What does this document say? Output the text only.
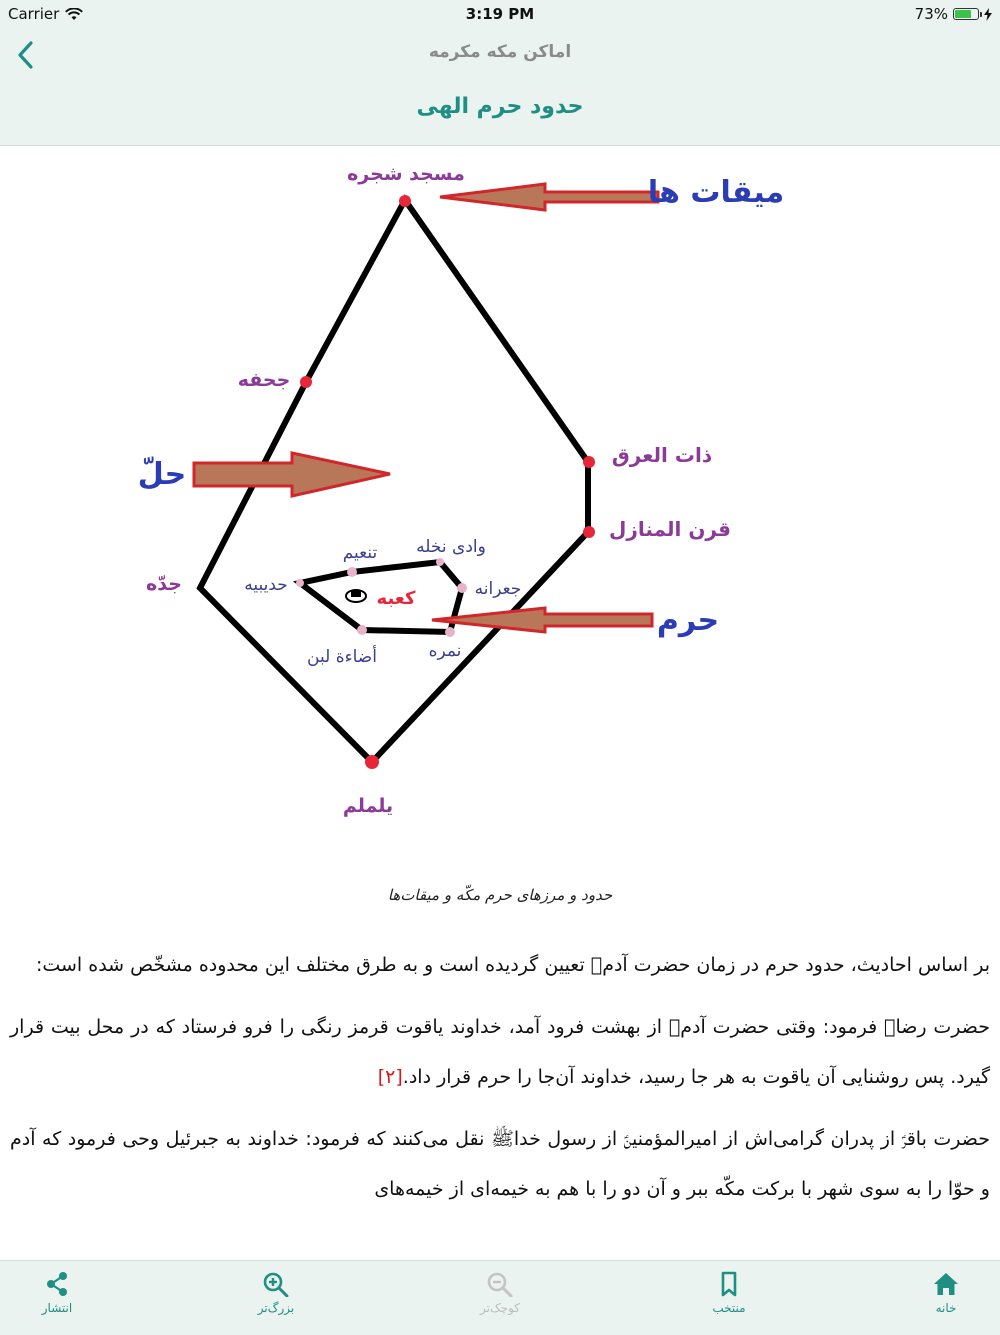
Carrier	3:19 PM	73%
اماکن مکه مکرمه
حدود حرم الهی
مسجد شجره
میقات ها
جحفه
حلّ
ذات العرق
قرن المنازل
جدّه
کعبه
حرم
یلملم
وادی نخله
تنعیم
حدیبیه	جعرانه
أضاءة لبن	نمره
حدود و مرزهای حرم مکّه و میقات‌ها

بر اساس احادیث، حدود حرم در زمان حضرت آدمؑ تعیین گردیده است و به طرق مختلف این محدوده مشخّص شده است:

حضرت رضاؑ فرمود: وقتی حضرت آدمؑ از بهشت فرود آمد، خداوند یاقوت قرمز رنگی را فرو فرستاد که در محل بیت قرار گیرد. پس روشنایی آن یاقوت به هر جا رسید، خداوند آن‌جا را حرم قرار داد.[۲]

حضرت باقرؑ از پدران گرامی‌اش از امیرالمؤمنینؑ از رسول خداﷺ نقل می‌کنند که فرمود: خداوند به جبرئیل وحی فرمود که آدم و حوّا را به سوی شهر با برکت مکّه ببر و آن دو را با هم به خیمه‌ای از خیمه‌های

خانه
منتخب
کوچک‌تر
بزرگ‌تر
انتشار
